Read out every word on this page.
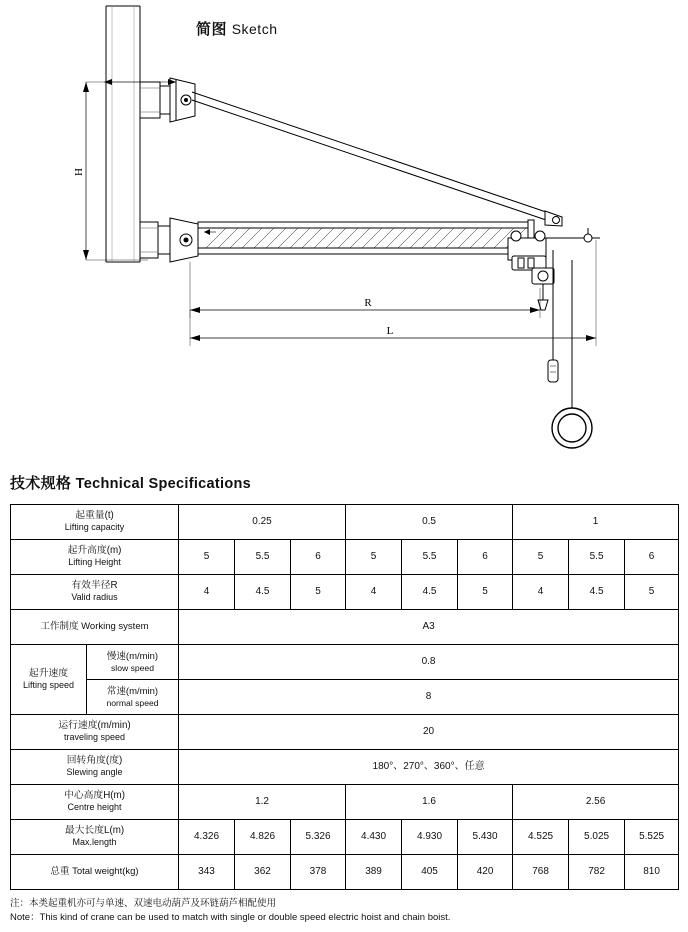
简图 Sketch
H
R
L
技术规格 Technical Specifications
起重量(t)
Lifting capacity		0.25			0.5			1		

起升高度(m)
Lifting Height		5	5.5	6	5	5.5	6	5	5.5	6

有效半径R
Valid radius		4	4.5	5	4	4.5	5	4	4.5	5
工作制度 Working system		A3								

起升速度
Lifting speed	慢速(m/min)
slow speed	0.8								

	常速(m/min)
normal speed	8								

运行速度(m/min)
traveling speed		20								

回转角度(度)
Slewing angle		180°、270°、360°、任意								

中心高度H(m)
Centre height		1.2			1.6			2.56		

最大长度L(m)
Max.length		4.326	4.826	5.326	4.430	4.930	5.430	4.525	5.025	5.525
总重 Total weight(kg)		343	362	378	389	405	420	768	782	810
注：本类起重机亦可与单速、双速电动葫芦及环链葫芦相配使用
Note：This kind of crane can be used to match with single or double speed electric hoist and chain boist.
